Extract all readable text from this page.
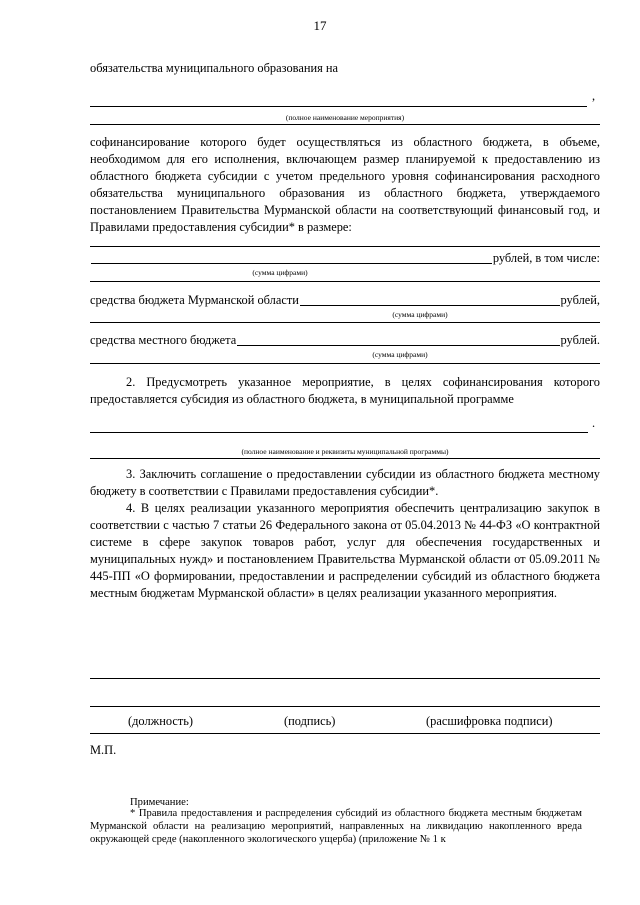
17
обязательства муниципального образования на
,
(полное наименование мероприятия)
софинансирование которого будет осуществляться из областного бюджета, в объеме, необходимом для его исполнения, включающем размер планируемой к предоставлению из областного бюджета субсидии с учетом предельного уровня софинансирования расходного обязательства муниципального образования из областного бюджета, утверждаемого постановлением Правительства Мурманской области на соответствующий финансовый год, и Правилами предоставления субсидии* в размере:
рублей, в том числе:
(сумма цифрами)
средства бюджета Мурманской области	рублей,
(сумма цифрами)
средства местного бюджета	рублей.
(сумма цифрами)
2. Предусмотреть указанное мероприятие, в целях софинансирования которого предоставляется субсидия из областного бюджета, в муниципальной программе
.
(полное наименование и реквизиты муниципальной программы)
3. Заключить соглашение о предоставлении субсидии из областного бюджета местному бюджету в соответствии с Правилами предоставления субсидии*.
4. В целях реализации указанного мероприятия обеспечить централизацию закупок в соответствии с частью 7 статьи 26 Федерального закона от 05.04.2013 № 44-ФЗ «О контрактной системе в сфере закупок товаров работ, услуг для обеспечения государственных и муниципальных нужд» и постановлением Правительства Мурманской области от 05.09.2011 № 445-ПП «О формировании, предоставлении и распределении субсидий из областного бюджета местным бюджетам Мурманской области» в целях реализации указанного мероприятия.
(должность)	(подпись)	(расшифровка подписи)
М.П.
Примечание:
* Правила предоставления и распределения субсидий из областного бюджета местным бюджетам Мурманской области на реализацию мероприятий, направленных на ликвидацию накопленного вреда окружающей среде (накопленного экологического ущерба) (приложение № 1 к
